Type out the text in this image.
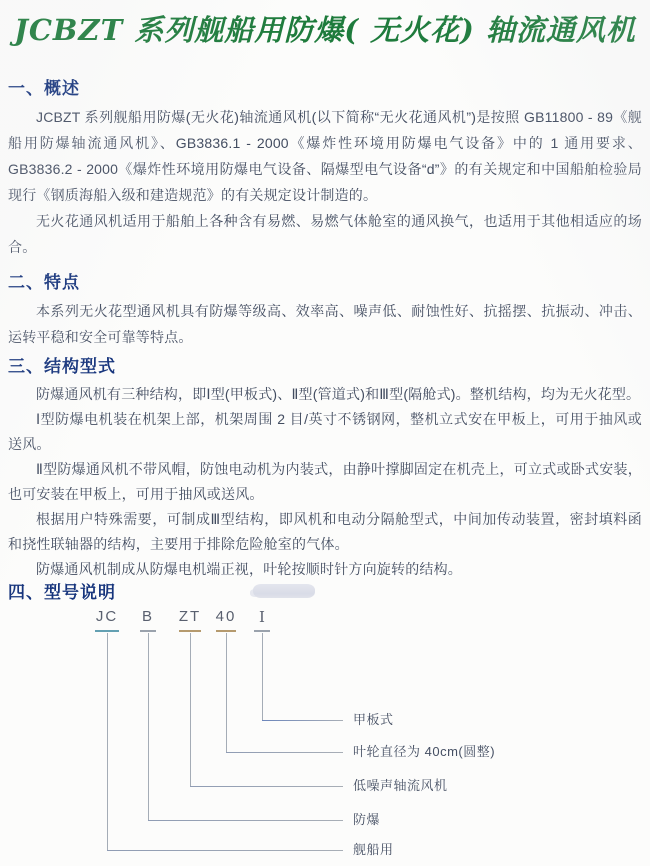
JCBZT 系列舰船用防爆( 无火花) 轴流通风机
一、概述

JCBZT 系列舰船用防爆(无火花)轴流通风机(以下简称“无火花通风机”)是按照 GB11800 - 89《舰船用防爆轴流通风机》、GB3836.1 - 2000《爆炸性环境用防爆电气设备》中的 1 通用要求、GB3836.2 - 2000《爆炸性环境用防爆电气设备、隔爆型电气设备“d”》的有关规定和中国船舶检验局现行《钢质海船入级和建造规范》的有关规定设计制造的。

无火花通风机适用于船舶上各种含有易燃、易燃气体舱室的通风换气，也适用于其他相适应的场合。

二、特点

本系列无火花型通风机具有防爆等级高、效率高、噪声低、耐蚀性好、抗摇摆、抗振动、冲击、运转平稳和安全可靠等特点。

三、结构型式

防爆通风机有三种结构，即Ⅰ型(甲板式)、Ⅱ型(管道式)和Ⅲ型(隔舱式)。整机结构，均为无火花型。

Ⅰ型防爆电机装在机架上部，机架周围 2 目/英寸不锈钢网，整机立式安在甲板上，可用于抽风或送风。

Ⅱ型防爆通风机不带风帽，防蚀电动机为内装式，由静叶撑脚固定在机壳上，可立式或卧式安装，也可安装在甲板上，可用于抽风或送风。

根据用户特殊需要，可制成Ⅲ型结构，即风机和电动分隔舱型式，中间加传动装置，密封填料函和挠性联轴器的结构，主要用于排除危险舱室的气体。

防爆通风机制成从防爆电机端正视，叶轮按顺时针方向旋转的结构。

四、型号说明
JC	B	ZT 40	I
甲板式
叶轮直径为 40cm(圆整)
低噪声轴流风机
防爆
舰船用
